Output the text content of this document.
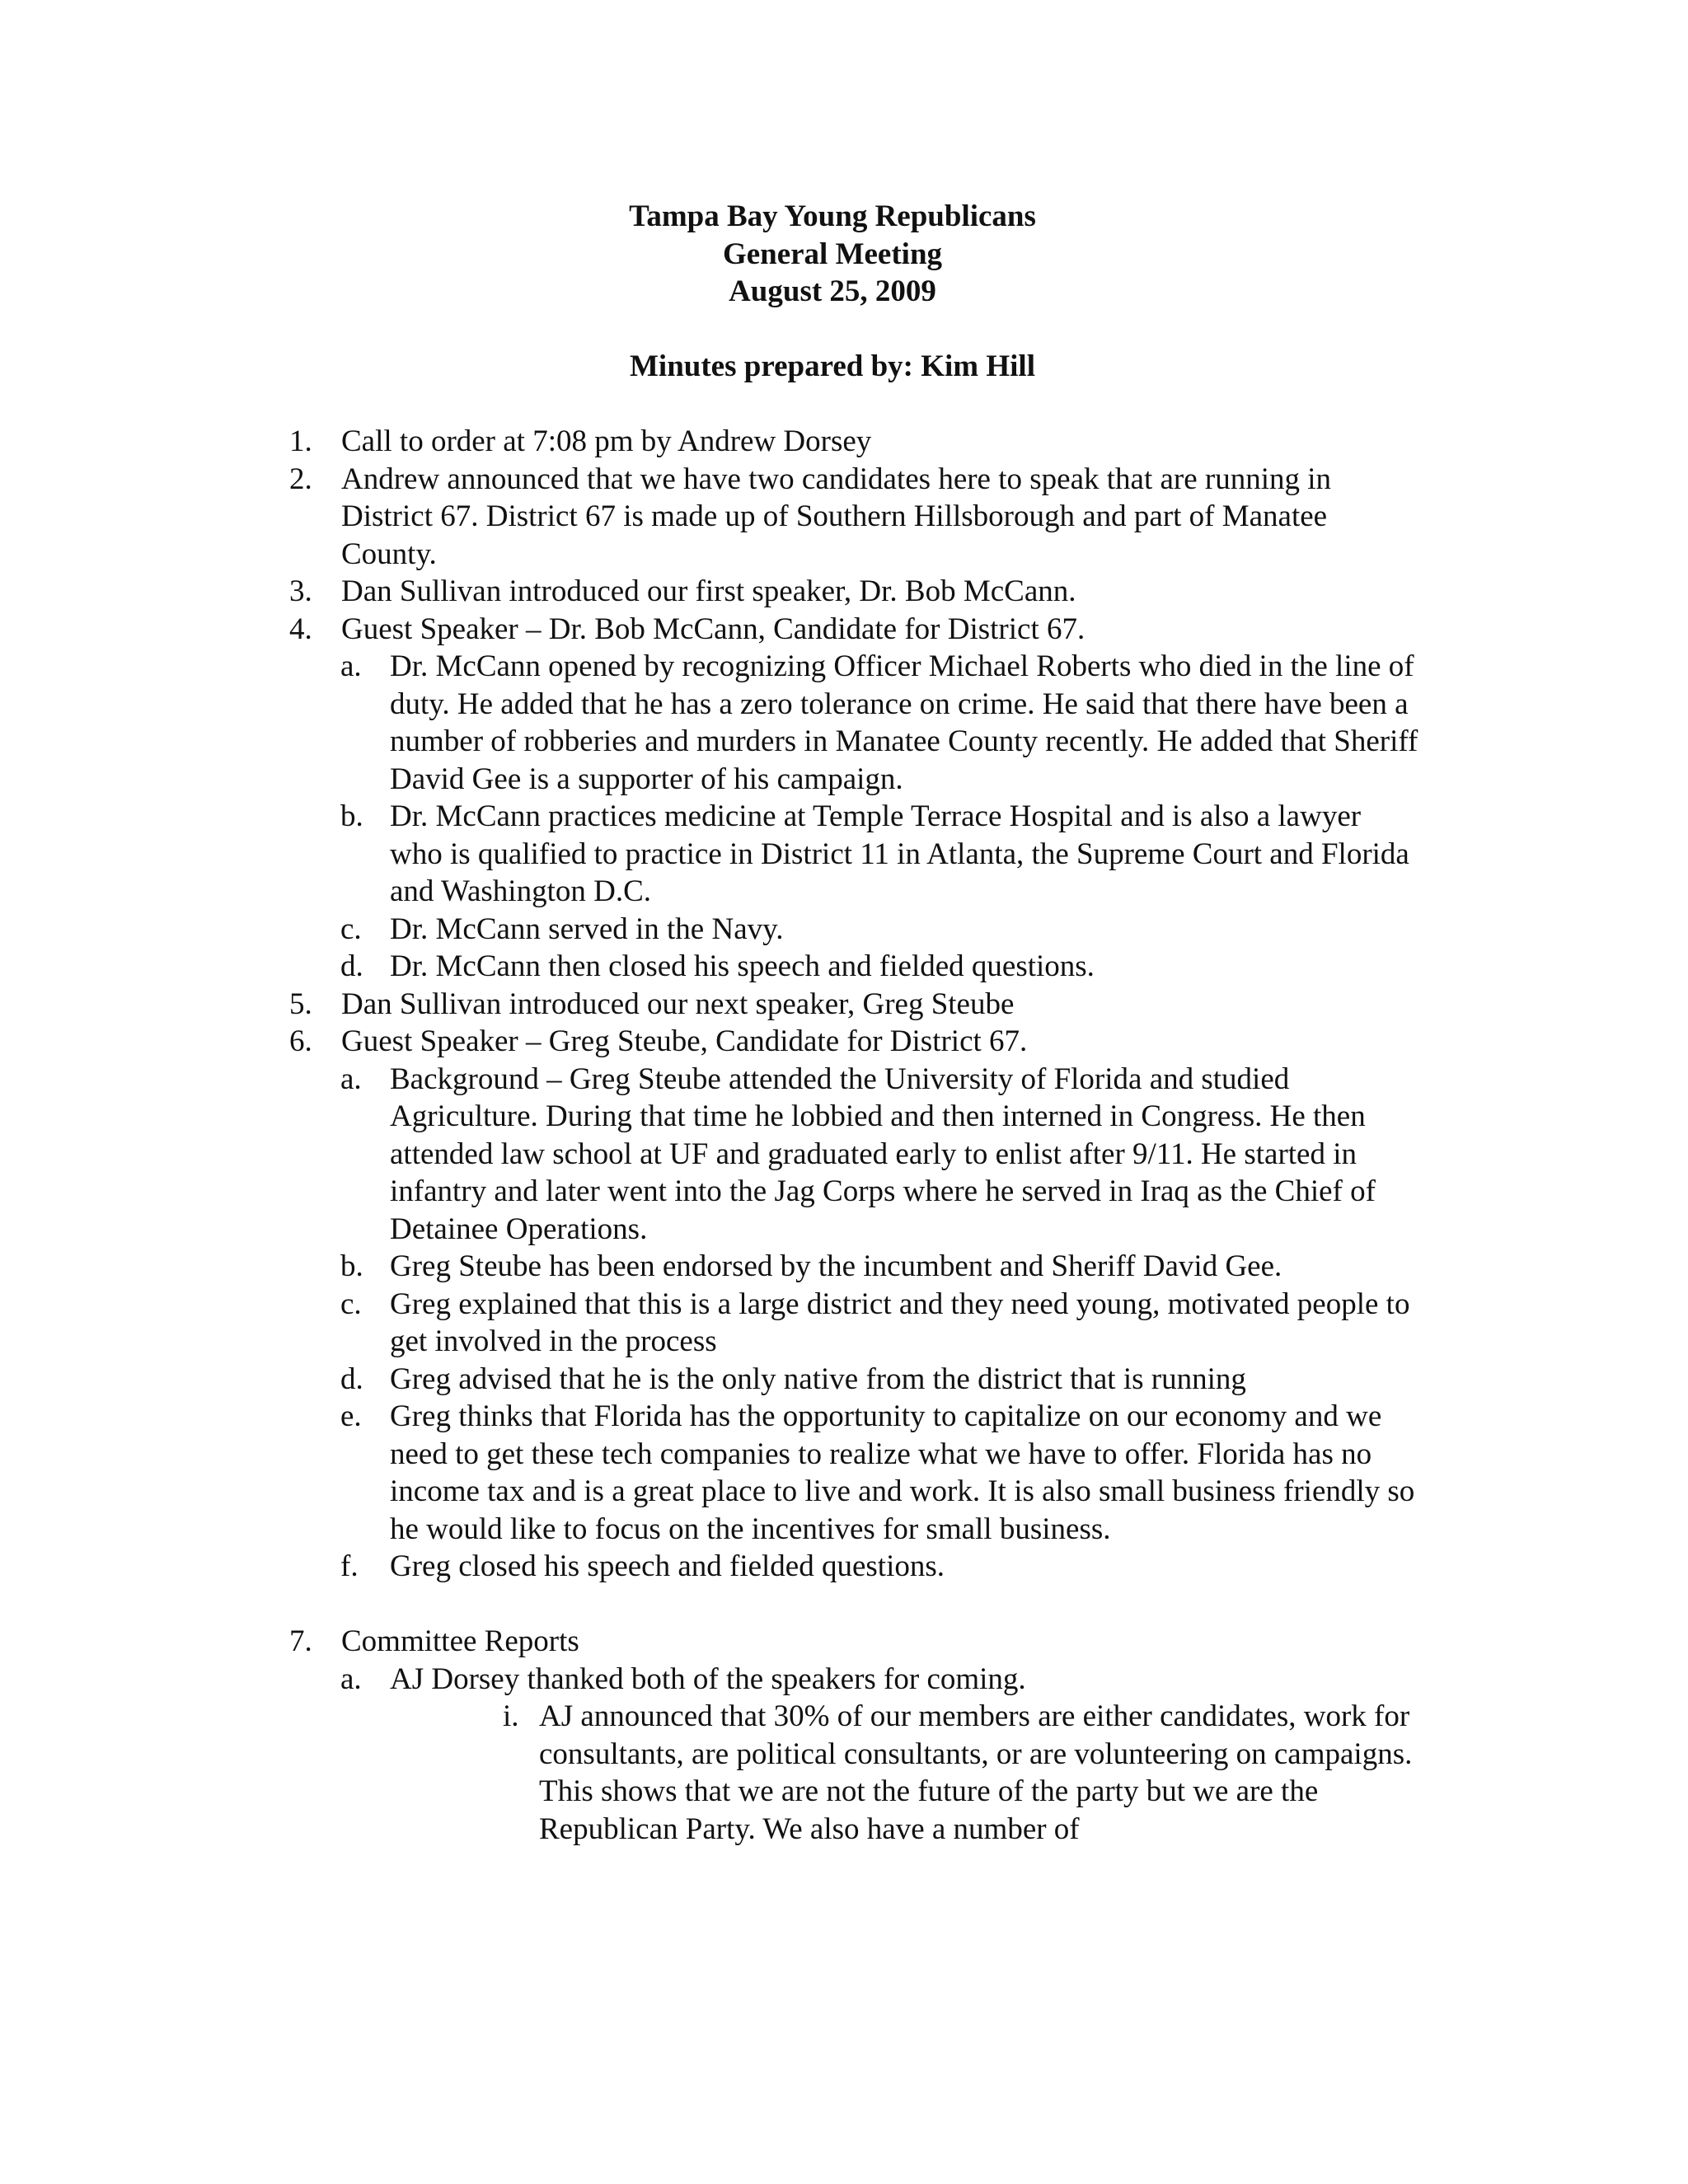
Tampa Bay Young Republicans
General Meeting
August 25, 2009
Minutes prepared by: Kim Hill
1. Call to order at 7:08 pm by Andrew Dorsey
2. Andrew announced that we have two candidates here to speak that are running in District 67. District 67 is made up of Southern Hillsborough and part of Manatee County.
3. Dan Sullivan introduced our first speaker, Dr. Bob McCann.
4. Guest Speaker – Dr. Bob McCann, Candidate for District 67.
a. Dr. McCann opened by recognizing Officer Michael Roberts who died in the line of duty. He added that he has a zero tolerance on crime. He said that there have been a number of robberies and murders in Manatee County recently. He added that Sheriff David Gee is a supporter of his campaign.
b. Dr. McCann practices medicine at Temple Terrace Hospital and is also a lawyer who is qualified to practice in District 11 in Atlanta, the Supreme Court and Florida and Washington D.C.
c. Dr. McCann served in the Navy.
d. Dr. McCann then closed his speech and fielded questions.
5. Dan Sullivan introduced our next speaker, Greg Steube
6. Guest Speaker – Greg Steube, Candidate for District 67.
a. Background – Greg Steube attended the University of Florida and studied Agriculture. During that time he lobbied and then interned in Congress. He then attended law school at UF and graduated early to enlist after 9/11. He started in infantry and later went into the Jag Corps where he served in Iraq as the Chief of Detainee Operations.
b. Greg Steube has been endorsed by the incumbent and Sheriff David Gee.
c. Greg explained that this is a large district and they need young, motivated people to get involved in the process
d. Greg advised that he is the only native from the district that is running
e. Greg thinks that Florida has the opportunity to capitalize on our economy and we need to get these tech companies to realize what we have to offer. Florida has no income tax and is a great place to live and work. It is also small business friendly so he would like to focus on the incentives for small business.
f. Greg closed his speech and fielded questions.
7. Committee Reports
a. AJ Dorsey thanked both of the speakers for coming.
i. AJ announced that 30% of our members are either candidates, work for consultants, are political consultants, or are volunteering on campaigns. This shows that we are not the future of the party but we are the Republican Party. We also have a number of
